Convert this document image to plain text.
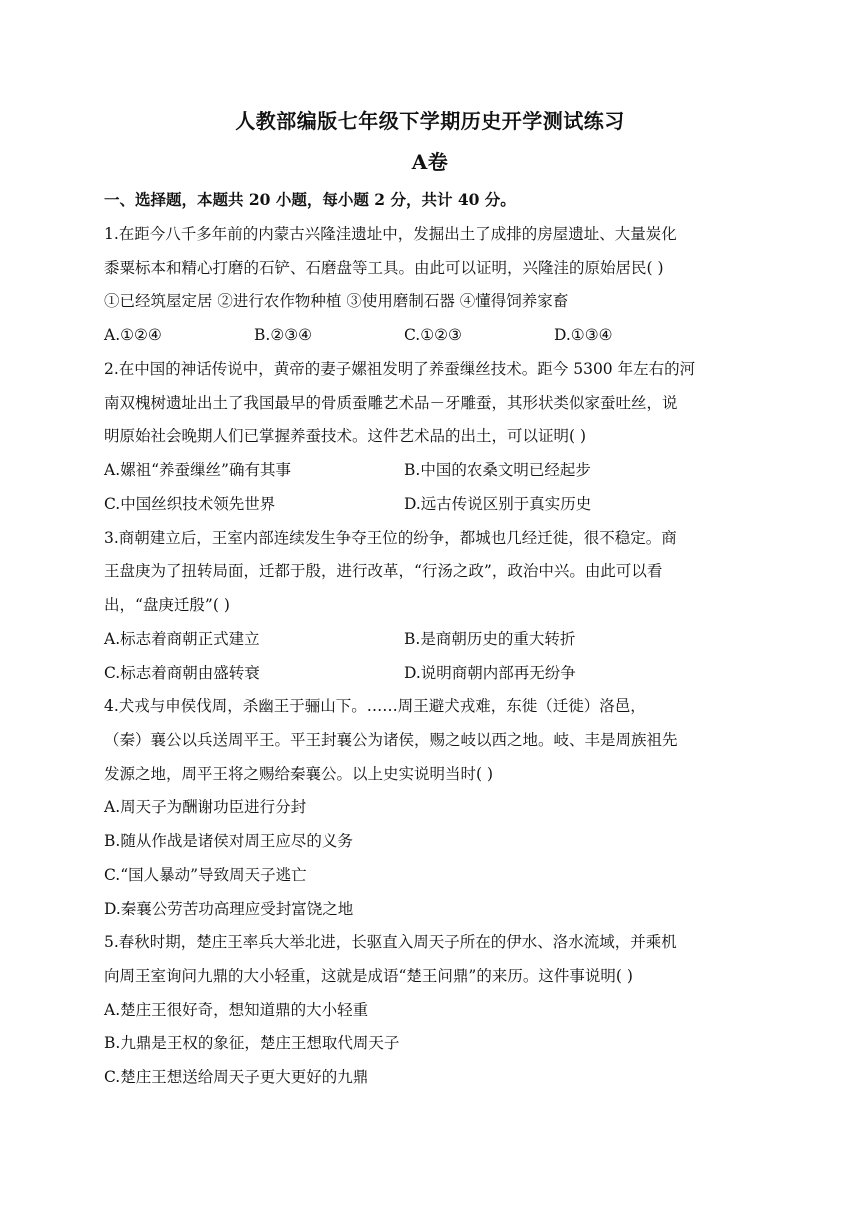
人教部编版七年级下学期历史开学测试练习
A卷
一、选择题，本题共 20 小题，每小题 2 分，共计 40 分。
1.在距今八千多年前的内蒙古兴隆洼遗址中，发掘出土了成排的房屋遗址、大量炭化
黍粟标本和精心打磨的石铲、石磨盘等工具。由此可以证明，兴隆洼的原始居民( )
①已经筑屋定居 ②进行农作物种植 ③使用磨制石器 ④懂得饲养家畜
A.①②④	B.②③④	C.①②③	D.①③④
2.在中国的神话传说中，黄帝的妻子嫘祖发明了养蚕缫丝技术。距今 5300 年左右的河
南双槐树遗址出土了我国最早的骨质蚕雕艺术品－牙雕蚕，其形状类似家蚕吐丝，说
明原始社会晚期人们已掌握养蚕技术。这件艺术品的出土，可以证明( )
A.嫘祖“养蚕缫丝”确有其事	B.中国的农桑文明已经起步
C.中国丝织技术领先世界	D.远古传说区别于真实历史
3.商朝建立后，王室内部连续发生争夺王位的纷争，都城也几经迁徙，很不稳定。商
王盘庚为了扭转局面，迁都于殷，进行改革，“行汤之政”，政治中兴。由此可以看
出，“盘庚迁殷”( )
A.标志着商朝正式建立	B.是商朝历史的重大转折
C.标志着商朝由盛转衰	D.说明商朝内部再无纷争
4.犬戎与申侯伐周，杀幽王于骊山下。……周王避犬戎难，东徙（迁徙）洛邑，
（秦）襄公以兵送周平王。平王封襄公为诸侯，赐之岐以西之地。岐、丰是周族祖先
发源之地，周平王将之赐给秦襄公。以上史实说明当时( )
A.周天子为酬谢功臣进行分封
B.随从作战是诸侯对周王应尽的义务
C.“国人暴动”导致周天子逃亡
D.秦襄公劳苦功高理应受封富饶之地
5.春秋时期，楚庄王率兵大举北进，长驱直入周天子所在的伊水、洛水流域，并乘机
向周王室询问九鼎的大小轻重，这就是成语“楚王问鼎”的来历。这件事说明( )
A.楚庄王很好奇，想知道鼎的大小轻重
B.九鼎是王权的象征，楚庄王想取代周天子
C.楚庄王想送给周天子更大更好的九鼎
